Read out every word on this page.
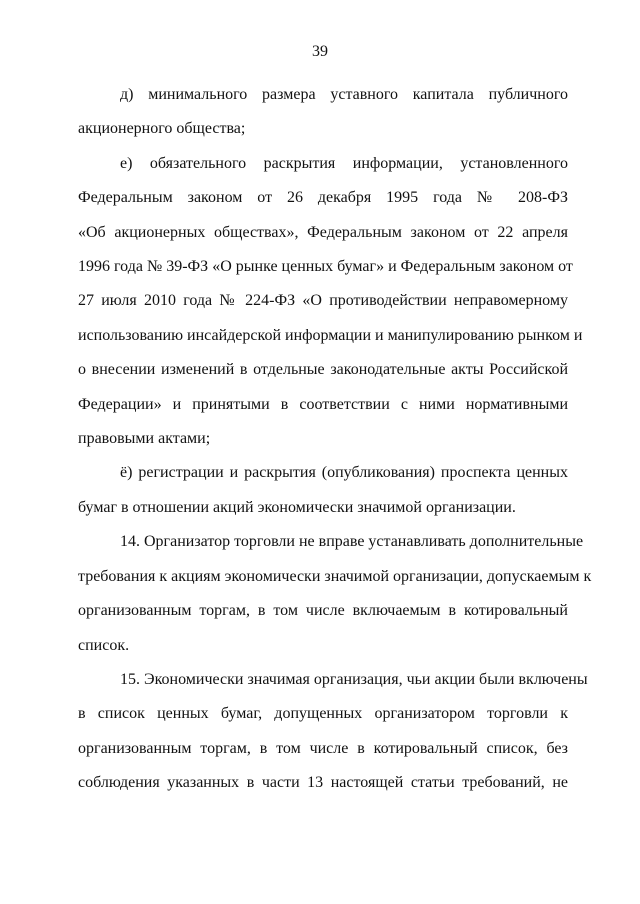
39
д) минимального размера уставного капитала публичного
акционерного общества;
е) обязательного раскрытия информации, установленного
Федеральным законом от 26 декабря 1995 года № 208-ФЗ
«Об акционерных обществах», Федеральным законом от 22 апреля
1996 года № 39-ФЗ «О рынке ценных бумаг» и Федеральным законом от
27 июля 2010 года № 224-ФЗ «О противодействии неправомерному
использованию инсайдерской информации и манипулированию рынком и
о внесении изменений в отдельные законодательные акты Российской
Федерации» и принятыми в соответствии с ними нормативными
правовыми актами;
ё) регистрации и раскрытия (опубликования) проспекта ценных
бумаг в отношении акций экономически значимой организации.
14. Организатор торговли не вправе устанавливать дополнительные
требования к акциям экономически значимой организации, допускаемым к
организованным торгам, в том числе включаемым в котировальный
список.
15. Экономически значимая организация, чьи акции были включены
в список ценных бумаг, допущенных организатором торговли к
организованным торгам, в том числе в котировальный список, без
соблюдения указанных в части 13 настоящей статьи требований, не
